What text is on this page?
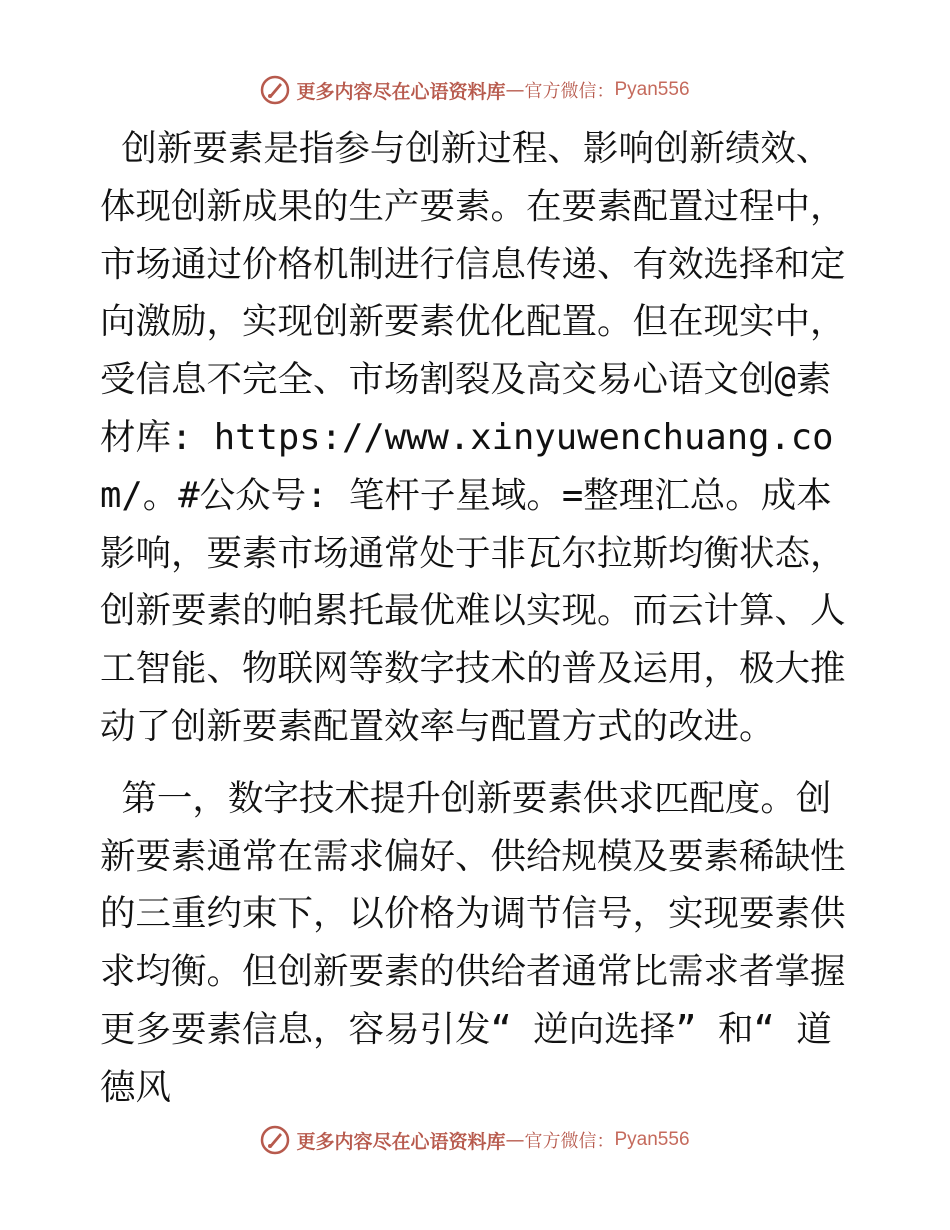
更多内容尽在心语资料库 — 官方微信： Pyan556

创新要素是指参与创新过程、影响创新绩效、体现创新成果的生产要素。在要素配置过程中，市场通过价格机制进行信息传递、有效选择和定向激励，实现创新要素优化配置。但在现实中，受信息不完全、市场割裂及高交易心语文创@素材库: https://www.xinyuwenchuang.com/。#公众号: 笔杆子星域。=整理汇总。成本影响，要素市场通常处于非瓦尔拉斯均衡状态，创新要素的帕累托最优难以实现。而云计算、人工智能、物联网等数字技术的普及运用，极大推动了创新要素配置效率与配置方式的改进。

第一，数字技术提升创新要素供求匹配度。创新要素通常在需求偏好、供给规模及要素稀缺性的三重约束下，以价格为调节信号，实现要素供求均衡。但创新要素的供给者通常比需求者掌握更多要素信息，容易引发“ 逆向选择” 和“ 道德风

更多内容尽在心语资料库 — 官方微信： Pyan556
